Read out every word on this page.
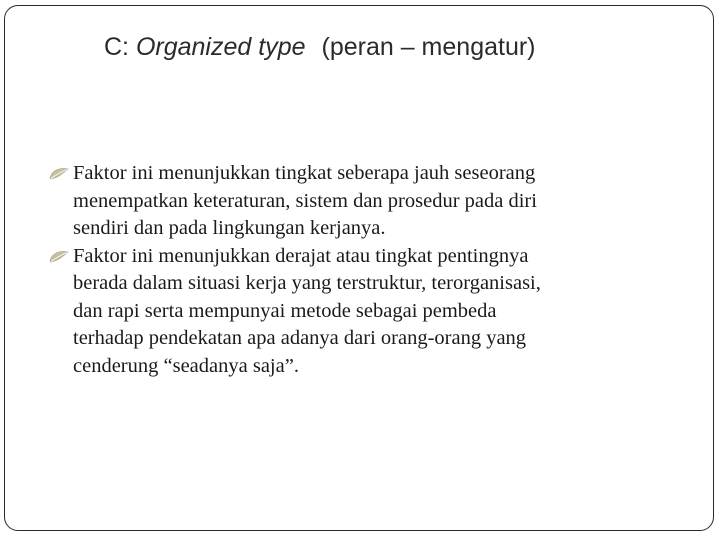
C: Organized type (peran – mengatur)
Faktor ini menunjukkan tingkat seberapa jauh seseorang
menempatkan keteraturan, sistem dan prosedur pada diri
sendiri dan pada lingkungan kerjanya.
Faktor ini menunjukkan derajat atau tingkat pentingnya
berada dalam situasi kerja yang terstruktur, terorganisasi,
dan rapi serta mempunyai metode sebagai pembeda
terhadap pendekatan apa adanya dari orang-orang yang
cenderung “seadanya saja”.
